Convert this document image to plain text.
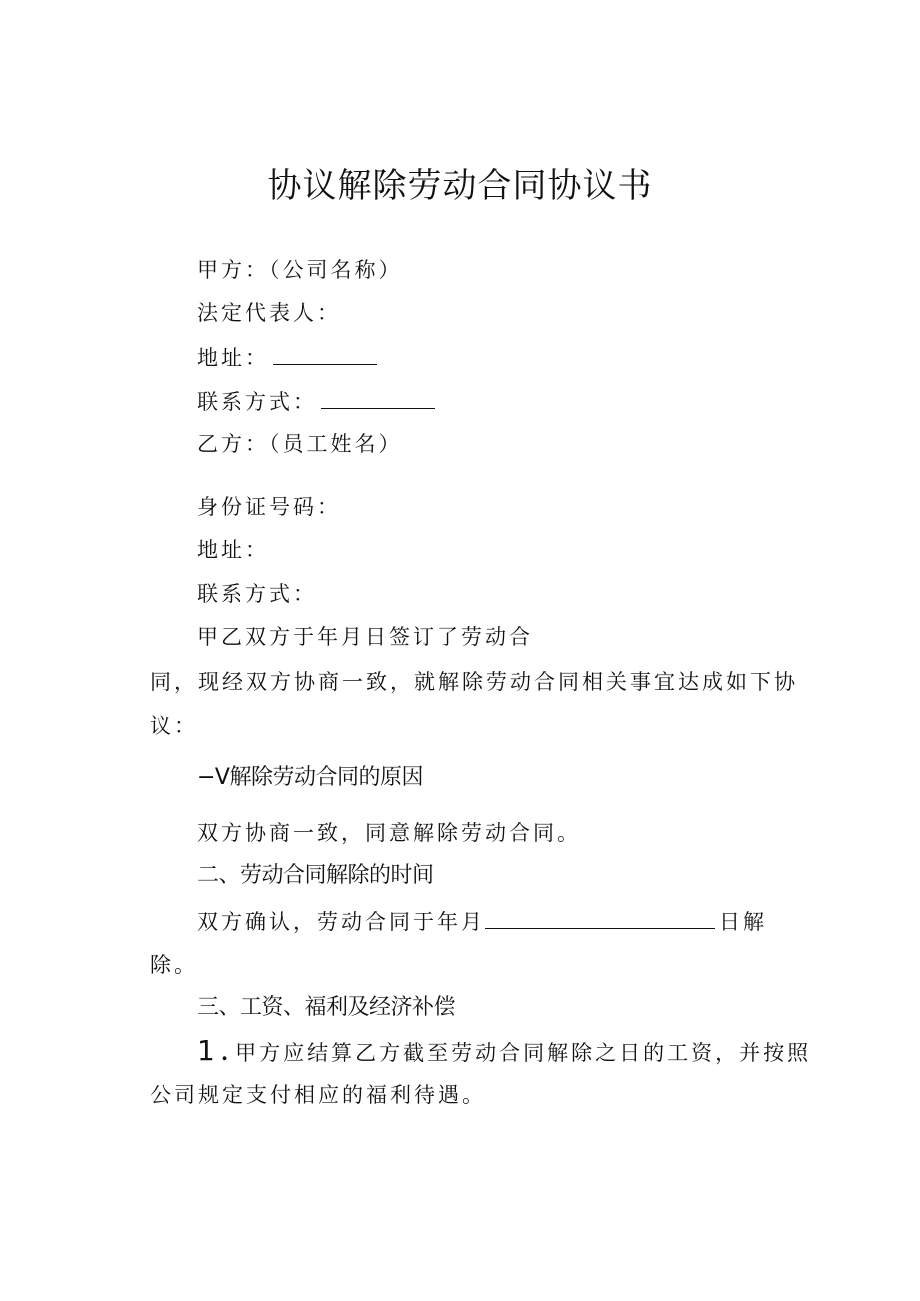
协议解除劳动合同协议书
甲方：（公司名称）
法定代表人：
地址：
联系方式：
乙方：（员工姓名）
身份证号码：
地址：
联系方式：
甲乙双方于年月日签订了劳动合
同，现经双方协商一致，就解除劳动合同相关事宜达成如下协
议：
−V解除劳动合同的原因
双方协商一致，同意解除劳动合同。
二、劳动合同解除的时间
双方确认，劳动合同于年月	日解
除。
三、工资、福利及经济补偿
1 . 甲方应结算乙方截至劳动合同解除之日的工资，并按照
公司规定支付相应的福利待遇。
